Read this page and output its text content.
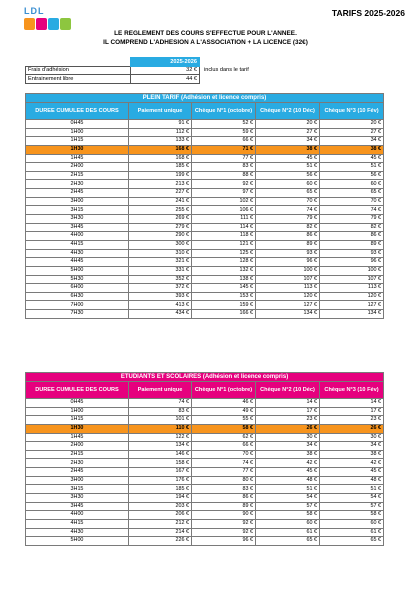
LDL	TARIFS 2025-2026
LE REGLEMENT DES COURS S'EFFECTUE POUR L'ANNEE.
IL COMPREND L'ADHESION A L'ASSOCIATION + LA LICENCE (32€)
	2025-2026	
Frais d'adhésion	32 €	inclus dans le tarif
Entrainement libre	44 €	
PLEIN TARIF (Adhésion et licence compris)				
DUREE CUMULEE DES COURS	Paiement unique	Chèque N°1 (octobre)	Chèque N°2 (10 Déc)	Chèque N°3 (10 Fév)
0H45	91 €	52 €	20 €	20 €
1H00	112 €	59 €	27 €	27 €
1H15	133 €	66 €	34 €	34 €
1H30	168 €	71 €	38 €	38 €
1H45	168 €	77 €	45 €	45 €
2H00	185 €	83 €	51 €	51 €
2H15	199 €	88 €	56 €	56 €
2H30	213 €	92 €	60 €	60 €
2H45	227 €	97 €	65 €	65 €
3H00	241 €	102 €	70 €	70 €
3H15	255 €	106 €	74 €	74 €
3H30	269 €	111 €	79 €	79 €
3H45	279 €	114 €	82 €	82 €
4H00	290 €	118 €	86 €	86 €
4H15	300 €	121 €	89 €	89 €
4H30	310 €	125 €	93 €	93 €
4H45	321 €	128 €	96 €	96 €
5H00	331 €	132 €	100 €	100 €
5H30	352 €	138 €	107 €	107 €
6H00	372 €	145 €	113 €	113 €
6H30	393 €	153 €	120 €	120 €
7H00	413 €	159 €	127 €	127 €
7H30	434 €	166 €	134 €	134 €
ETUDIANTS ET SCOLAIRES (Adhésion et licence compris)				
DUREE CUMULEE DES COURS	Paiement unique	Chèque N°1 (octobre)	Chèque N°2 (10 Déc)	Chèque N°3 (10 Fév)
0H45	74 €	46 €	14 €	14 €
1H00	83 €	49 €	17 €	17 €
1H15	101 €	55 €	23 €	23 €
1H30	110 €	58 €	26 €	26 €
1H45	122 €	62 €	30 €	30 €
2H00	134 €	66 €	34 €	34 €
2H15	146 €	70 €	38 €	38 €
2H30	158 €	74 €	42 €	42 €
2H45	167 €	77 €	45 €	45 €
3H00	176 €	80 €	48 €	48 €
3H15	185 €	83 €	51 €	51 €
3H30	194 €	86 €	54 €	54 €
3H45	203 €	89 €	57 €	57 €
4H00	206 €	90 €	58 €	58 €
4H15	212 €	92 €	60 €	60 €
4H30	214 €	92 €	61 €	61 €
5H00	226 €	96 €	65 €	65 €
